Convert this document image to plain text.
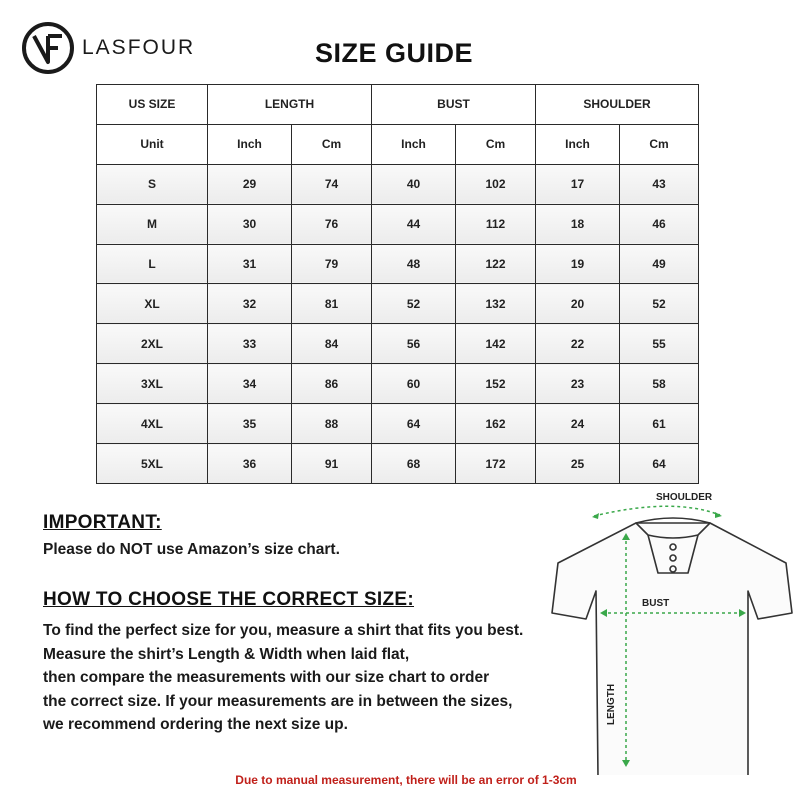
LASFOUR	SIZE GUIDE
US SIZE	LENGTH		BUST		SHOULDER	
Unit	Inch	Cm	Inch	Cm	Inch	Cm
S	29	74	40	102	17	43
M	30	76	44	112	18	46
L	31	79	48	122	19	49
XL	32	81	52	132	20	52
2XL	33	84	56	142	22	55
3XL	34	86	60	152	23	58
4XL	35	88	64	162	24	61
5XL	36	91	68	172	25	64
IMPORTANT:
Please do NOT use Amazon’s size chart.
HOW TO CHOOSE THE CORRECT SIZE:
To find the perfect size for you, measure a shirt that fits you best.
Measure the shirt’s Length & Width when laid flat,
then compare the measurements with our size chart to order
the correct size. If your measurements are in between the sizes,
we recommend ordering the next size up.
SHOULDER
BUST
LENGTH
Due to manual measurement, there will be an error of 1-3cm
